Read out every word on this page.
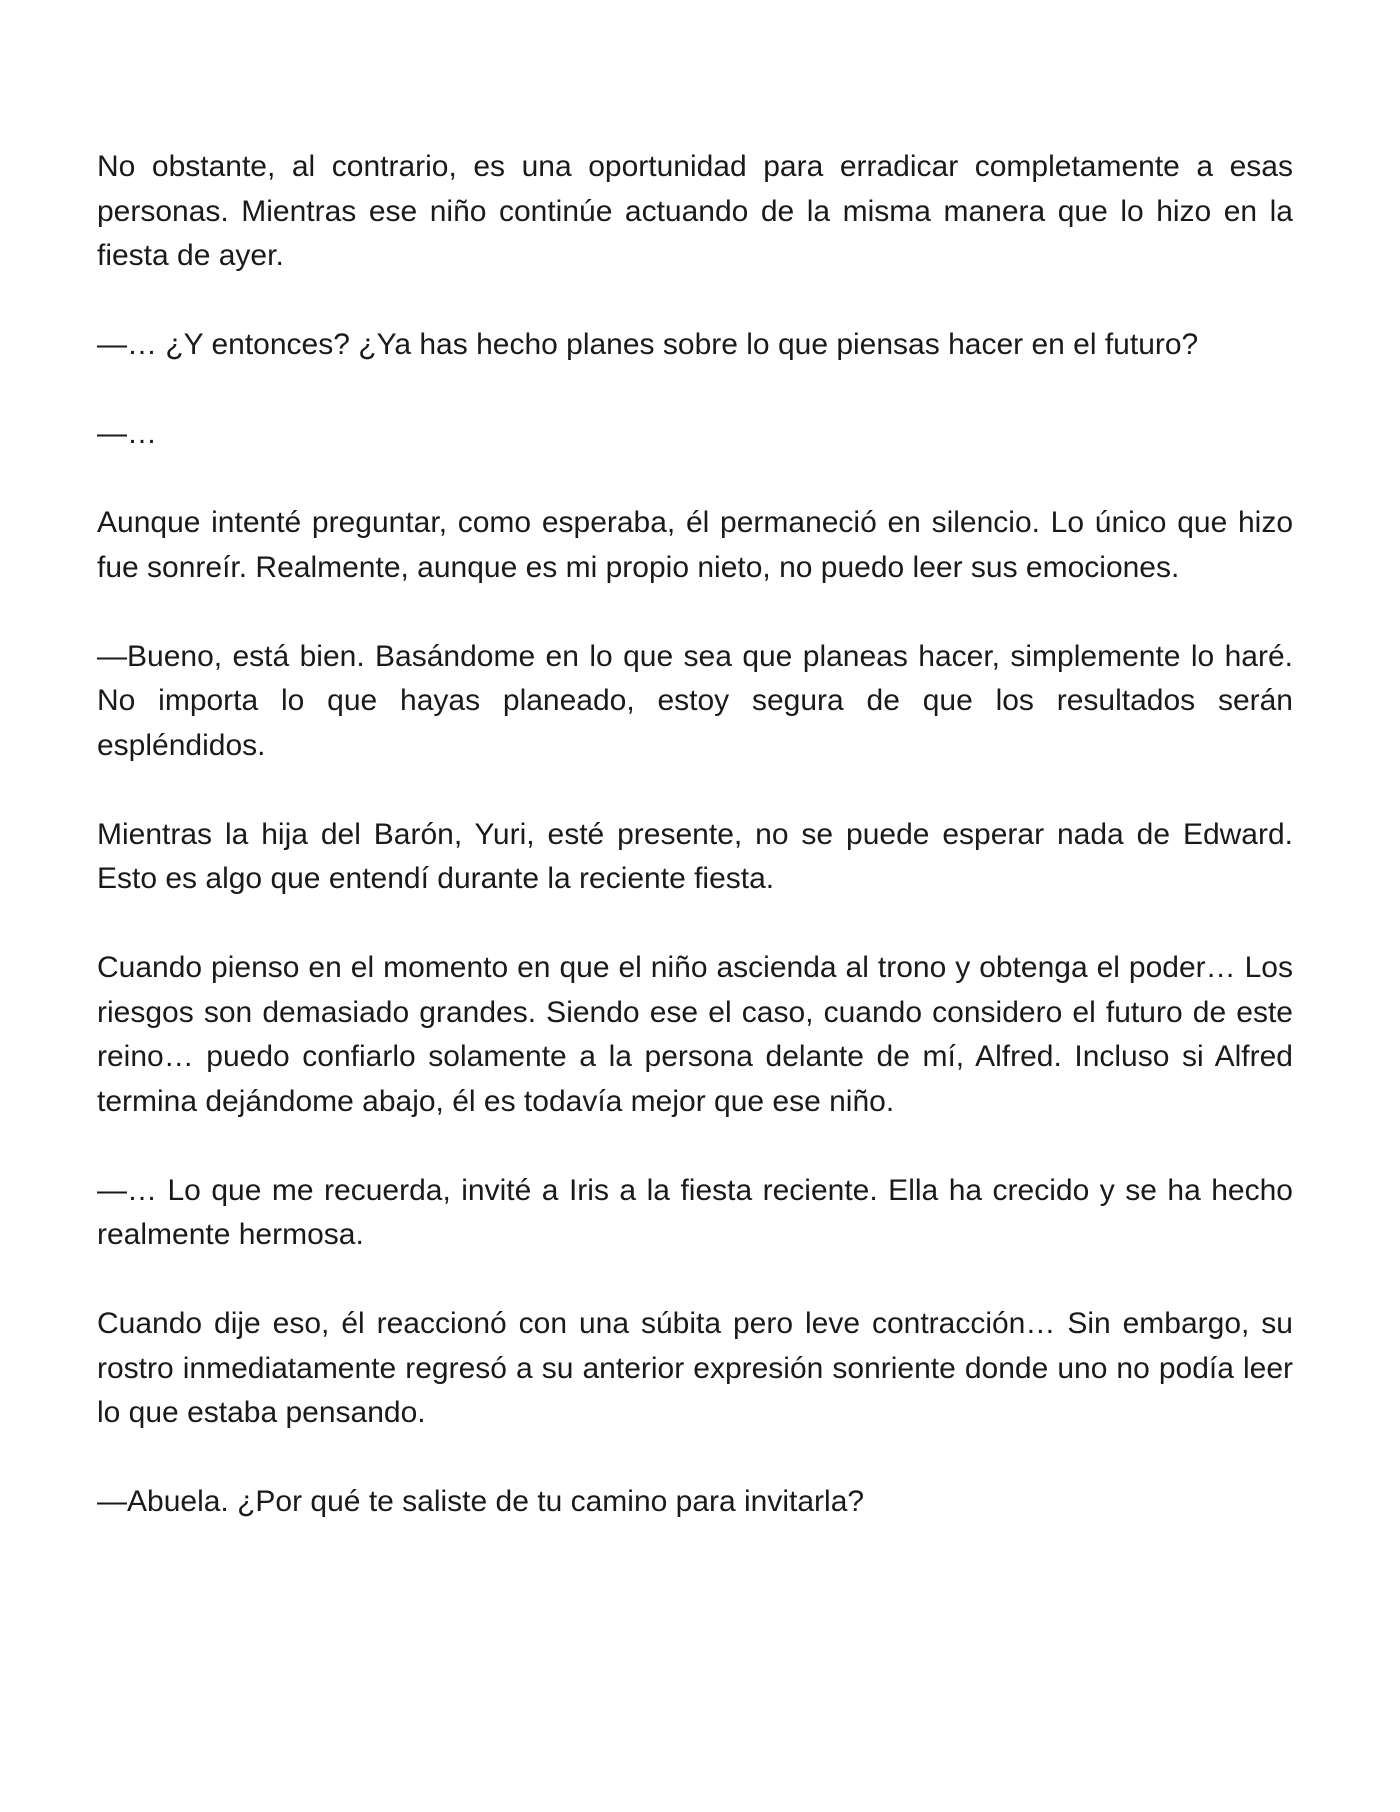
No obstante, al contrario, es una oportunidad para erradicar completamente a esas personas. Mientras ese niño continúe actuando de la misma manera que lo hizo en la fiesta de ayer.

—… ¿Y entonces? ¿Ya has hecho planes sobre lo que piensas hacer en el futuro?

—…

Aunque intenté preguntar, como esperaba, él permaneció en silencio. Lo único que hizo fue sonreír. Realmente, aunque es mi propio nieto, no puedo leer sus emociones.

—Bueno, está bien. Basándome en lo que sea que planeas hacer, simplemente lo haré. No importa lo que hayas planeado, estoy segura de que los resultados serán espléndidos.

Mientras la hija del Barón, Yuri, esté presente, no se puede esperar nada de Edward. Esto es algo que entendí durante la reciente fiesta.

Cuando pienso en el momento en que el niño ascienda al trono y obtenga el poder… Los riesgos son demasiado grandes. Siendo ese el caso, cuando considero el futuro de este reino… puedo confiarlo solamente a la persona delante de mí, Alfred. Incluso si Alfred termina dejándome abajo, él es todavía mejor que ese niño.

—… Lo que me recuerda, invité a Iris a la fiesta reciente. Ella ha crecido y se ha hecho realmente hermosa.

Cuando dije eso, él reaccionó con una súbita pero leve contracción… Sin embargo, su rostro inmediatamente regresó a su anterior expresión sonriente donde uno no podía leer lo que estaba pensando.

—Abuela. ¿Por qué te saliste de tu camino para invitarla?
